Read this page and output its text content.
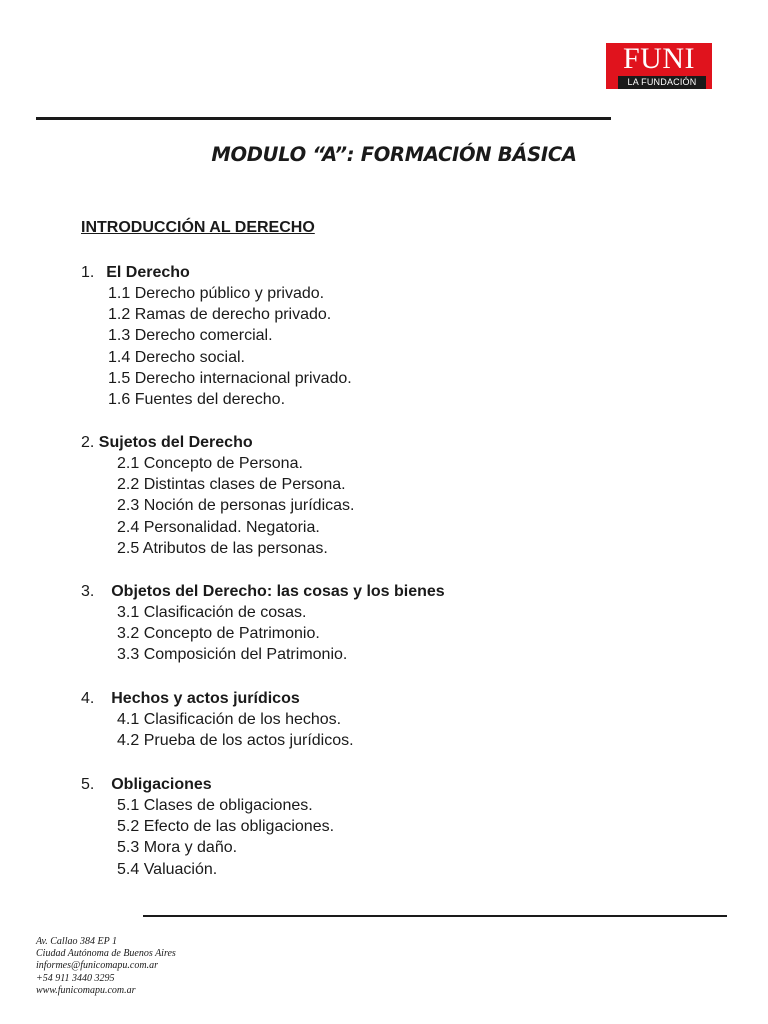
FUNI
LA FUNDACIÓN
MODULO “A”: FORMACIÓN BÁSICA
INTRODUCCIÓN AL DERECHO
1. El Derecho
1.1 Derecho público y privado.
1.2 Ramas de derecho privado.
1.3 Derecho comercial.
1.4 Derecho social.
1.5 Derecho internacional privado.
1.6 Fuentes del derecho.
2. Sujetos del Derecho
2.1 Concepto de Persona.
2.2 Distintas clases de Persona.
2.3 Noción de personas jurídicas.
2.4 Personalidad. Negatoria.
2.5 Atributos de las personas.
3. Objetos del Derecho: las cosas y los bienes
3.1 Clasificación de cosas.
3.2 Concepto de Patrimonio.
3.3 Composición del Patrimonio.
4. Hechos y actos jurídicos
4.1 Clasificación de los hechos.
4.2 Prueba de los actos jurídicos.
5. Obligaciones
5.1 Clases de obligaciones.
5.2 Efecto de las obligaciones.
5.3 Mora y daño.
5.4 Valuación.
Av. Callao 384 EP 1
Ciudad Autónoma de Buenos Aires
informes@funicomapu.com.ar
+54 911 3440 3295
www.funicomapu.com.ar
